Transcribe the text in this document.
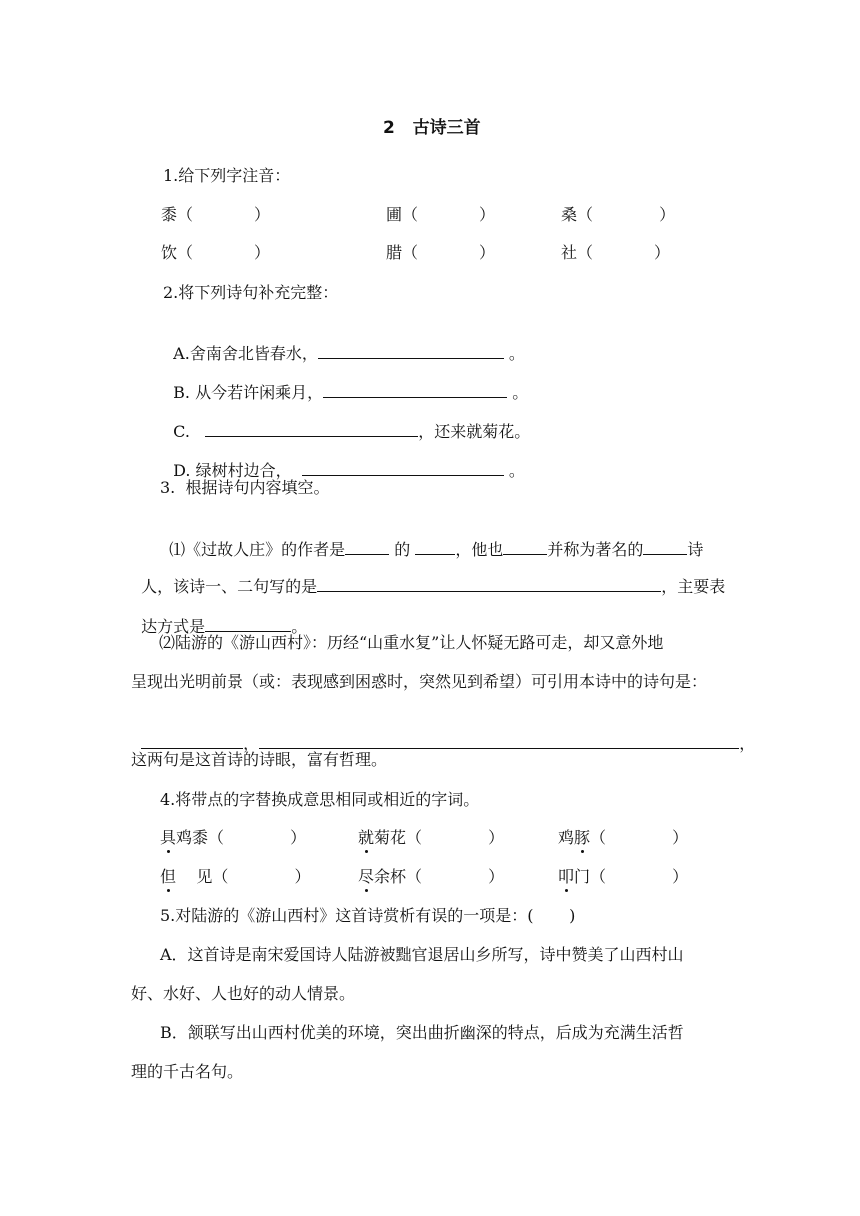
2   古诗三首
1.给下列字注音：
黍（            ）	圃（            ）	桑（             ）
饮（            ）	腊（            ）	社（            ）
2.将下列诗句补充完整：

A.舍南舍北皆春水，	。

B. 从今若许闲乘月，	。

C.	，还来就菊花。

D. 绿树村边合，	。

3.  根据诗句内容填空。

⑴《过故人庄》的作者是	的	，他也	并称为著名的	诗

人，该诗一、二句写的是	，主要表

达方式是	。

⑵陆游的《游山西村》：历经“山重水复”让人怀疑无路可走，却又意外地
呈现出光明前景（或：表现感到困惑时，突然见到希望）可引用本诗中的诗句是：

，	，

这两句是这首诗的诗眼，富有哲理。
4.将带点的字替换成意思相同或相近的字词。
具鸡黍（             ）	就菊花（             ）	鸡豚（             ）
但    见（             ）	尽余杯（             ）	叩门（             ）
5.对陆游的《游山西村》这首诗赏析有误的一项是：(       )
A．这首诗是南宋爱国诗人陆游被黜官退居山乡所写，诗中赞美了山西村山
好、水好、人也好的动人情景。
B．颔联写出山西村优美的环境，突出曲折幽深的特点，后成为充满生活哲
理的千古名句。
